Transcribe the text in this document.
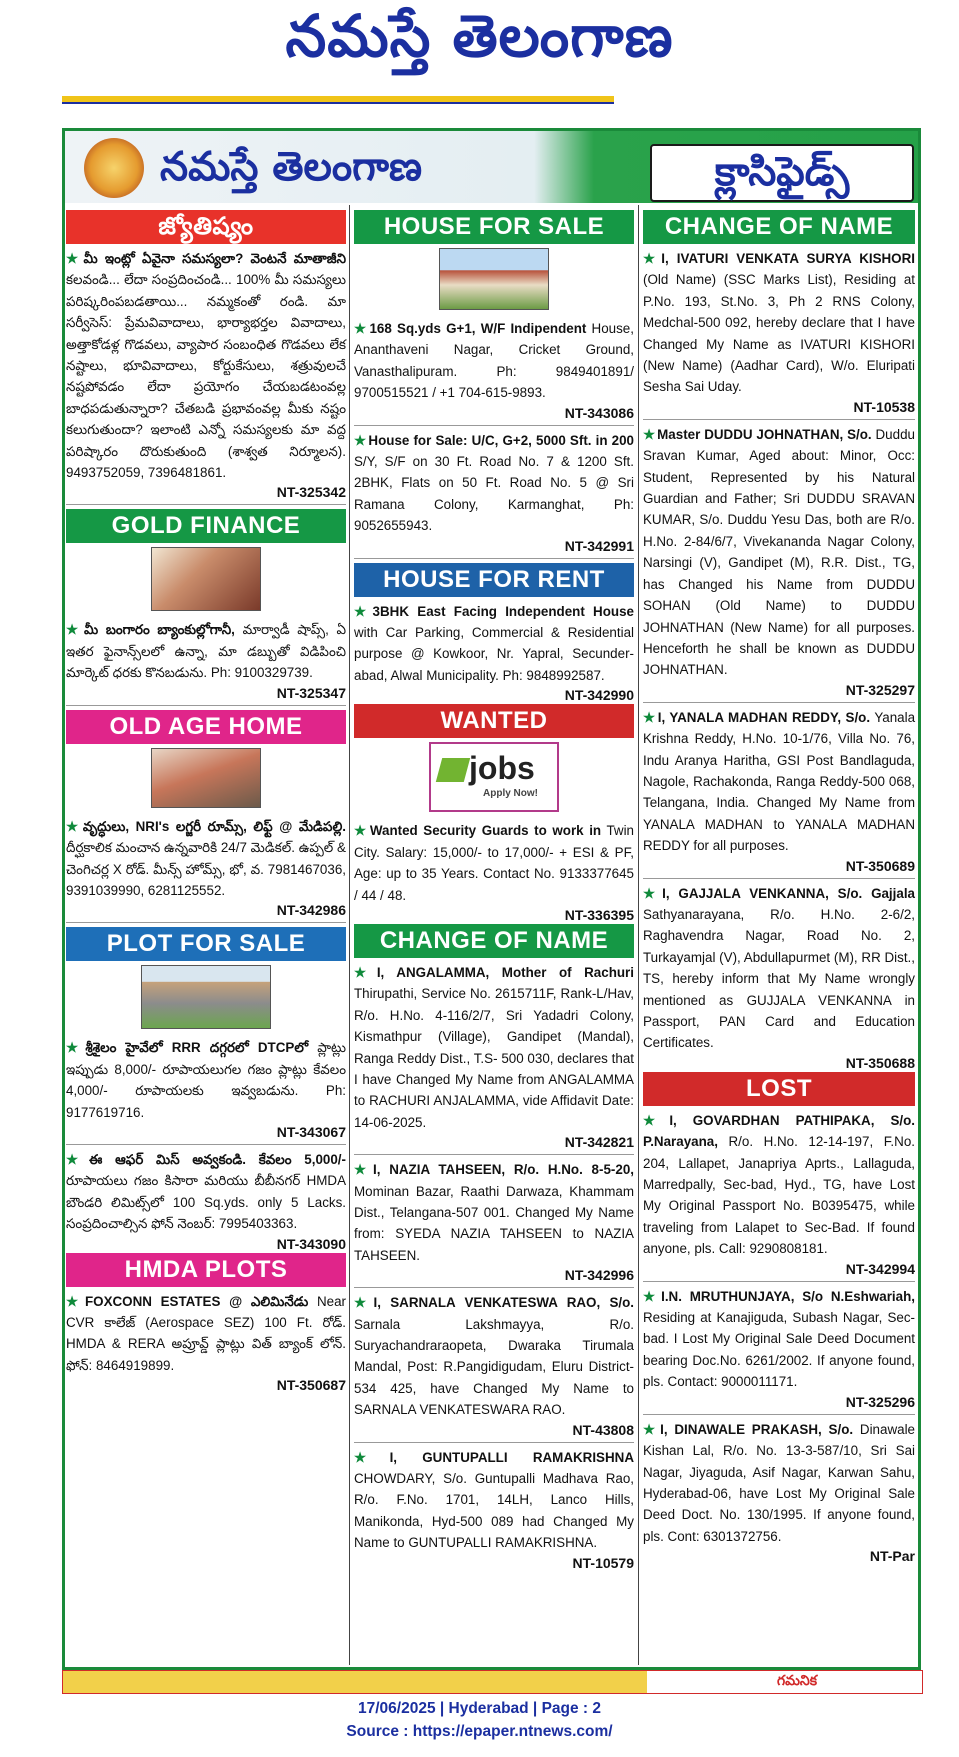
నమస్తే తెలంగాణ
నమస్తే తెలంగాణ	క్లాసిఫైడ్స్
జ్యోతిష్యం
★ మీ ఇంట్లో ఏవైనా సమస్యలా? వెంటనే మాతాజీని కలవండి... లేదా సంప్రదించండి... 100% మీ సమస్యలు పరిష్కరింపబడతాయి... నమ్మకంతో రండి. మా సర్వీసెస్: ప్రేమవివాదాలు, భార్యాభర్తల వివాదాలు, అత్తాకోడళ్ల గొడవలు, వ్యాపార సంబంధిత గొడవలు లేక నష్టాలు, భూవివాదాలు, కోర్టుకేసులు, శత్రువులచే నష్టపోవడం లేదా ప్రయోగం చేయబడటంవల్ల బాధపడుతున్నారా? చేతబడి ప్రభావంవల్ల మీకు నష్టం కలుగుతుందా? ఇలాంటి ఎన్నో సమస్యలకు మా వద్ద పరిష్కారం దొరుకుతుంది (శాశ్వత నిర్మూలన). 9493752059, 7396481861.
NT-325342
GOLD FINANCE
★ మీ బంగారం బ్యాంకుల్లోగానీ, మార్వాడీ షాప్స్, ఏ ఇతర ఫైనాన్స్‌లలో ఉన్నా, మా డబ్బుతో విడిపించి మార్కెట్ ధరకు కొనబడును. Ph: 9100329739.
NT-325347
OLD AGE HOME
★ వృద్ధులు, NRI's లగ్జరీ రూమ్స్, లిఫ్ట్ @ మేడిపల్లి. దీర్ఘకాలిక మంచాన ఉన్నవారికి 24/7 మెడికల్. ఉప్పల్ & చెంగిచర్ల X రోడ్. మీన్స్ హోమ్స్, భో, వ. 7981467036, 9391039990, 6281125552.
NT-342986
PLOT FOR SALE
★ శ్రీశైలం హైవేలో RRR దగ్గరలో DTCPలో ప్లాట్లు ఇప్పుడు 8,000/- రూపాయలుగల గజం ప్లాట్లు కేవలం 4,000/- రూపాయలకు ఇవ్వబడును. Ph: 9177619716.
NT-343067
★ ఈ ఆఫర్ మిస్ అవ్వకండి. కేవలం 5,000/- రూపాయలు గజం కిసారా మరియు బీబీనగర్ HMDA బౌండరి లిమిట్స్‌లో 100 Sq.yds. only 5 Lacks. సంప్రదించాల్సిన ఫోన్ నెంబర్: 7995403363.
NT-343090
HMDA PLOTS
★ FOXCONN ESTATES @ ఎలిమినేడు Near CVR కాలేజ్ (Aerospace SEZ) 100 Ft. రోడ్. HMDA & RERA అప్రూవ్డ్ ప్లాట్లు విత్ బ్యాంక్ లోన్. ఫోన్: 8464919899.
NT-350687
HOUSE FOR SALE
★ 168 Sq.yds G+1, W/F Indipendent House, Ananthaveni Nagar, Cricket Ground, Vanasthalipuram. Ph: 9849401891/ 9700515521 / +1 704-615-9893.
NT-343086
★ House for Sale: U/C, G+2, 5000 Sft. in 200 S/Y, S/F on 30 Ft. Road No. 7 & 1200 Sft. 2BHK, Flats on 50 Ft. Road No. 5 @ Sri Ramana Colony, Karmanghat, Ph: 9052655943.
NT-342991
HOUSE FOR RENT
★ 3BHK East Facing Independent House with Car Parking, Commercial & Residential purpose @ Kowkoor, Nr. Yapral, Secunder-abad, Alwal Municipality. Ph: 9848992587.
NT-342990
WANTED
jobs
Apply Now!
★ Wanted Security Guards to work in Twin City. Salary: 15,000/- to 17,000/- + ESI & PF, Age: up to 35 Years. Contact No. 9133377645 / 44 / 48.
NT-336395
CHANGE OF NAME
★ I, ANGALAMMA, Mother of Rachuri Thirupathi, Service No. 2615711F, Rank-L/Hav, R/o. H.No. 4-116/2/7, Sri Yadadri Colony, Kismathpur (Village), Gandipet (Mandal), Ranga Reddy Dist., T.S- 500 030, declares that I have Changed My Name from ANGALAMMA to RACHURI ANJALAMMA, vide Affidavit Date: 14-06-2025.
NT-342821
★ I, NAZIA TAHSEEN, R/o. H.No. 8-5-20, Mominan Bazar, Raathi Darwaza, Khammam Dist., Telangana-507 001. Changed My Name from: SYEDA NAZIA TAHSEEN to NAZIA TAHSEEN.
NT-342996
★ I, SARNALA VENKATESWA RAO, S/o. Sarnala Lakshmayya, R/o. Suryachandraraopeta, Dwaraka Tirumala Mandal, Post: R.Pangidigudam, Eluru District-534 425, have Changed My Name to SARNALA VENKATESWARA RAO.
NT-43808
★ I, GUNTUPALLI RAMAKRISHNA CHOWDARY, S/o. Guntupalli Madhava Rao, R/o. F.No. 1701, 14LH, Lanco Hills, Manikonda, Hyd-500 089 had Changed My Name to GUNTUPALLI RAMAKRISHNA.
NT-10579
CHANGE OF NAME
★ I, IVATURI VENKATA SURYA KISHORI (Old Name) (SSC Marks List), Residing at P.No. 193, St.No. 3, Ph 2 RNS Colony, Medchal-500 092, hereby declare that I have Changed My Name as IVATURI KISHORI (New Name) (Aadhar Card), W/o. Eluripati Sesha Sai Uday.
NT-10538
★ Master DUDDU JOHNATHAN, S/o. Duddu Sravan Kumar, Aged about: Minor, Occ: Student, Represented by his Natural Guardian and Father; Sri DUDDU SRAVAN KUMAR, S/o. Duddu Yesu Das, both are R/o. H.No. 2-84/6/7, Vivekananda Nagar Colony, Narsingi (V), Gandipet (M), R.R. Dist., TG, has Changed his Name from DUDDU SOHAN (Old Name) to DUDDU JOHNATHAN (New Name) for all purposes. Henceforth he shall be known as DUDDU JOHNATHAN.
NT-325297
★ I, YANALA MADHAN REDDY, S/o. Yanala Krishna Reddy, H.No. 10-1/76, Villa No. 76, Indu Aranya Haritha, GSI Post Bandlaguda, Nagole, Rachakonda, Ranga Reddy-500 068, Telangana, India. Changed My Name from YANALA MADHAN to YANALA MADHAN REDDY for all purposes.
NT-350689
★ I, GAJJALA VENKANNA, S/o. Gajjala Sathyanarayana, R/o. H.No. 2-6/2, Raghavendra Nagar, Road No. 2, Turkayamjal (V), Abdullapurmet (M), RR Dist., TS, hereby inform that My Name wrongly mentioned as GUJJALA VENKANNA in Passport, PAN Card and Education Certificates.
NT-350688
LOST
★ I, GOVARDHAN PATHIPAKA, S/o. P.Narayana, R/o. H.No. 12-14-197, F.No. 204, Lallapet, Janapriya Aprts., Lallaguda, Marredpally, Sec-bad, Hyd., TG, have Lost My Original Passport No. B0395475, while traveling from Lalapet to Sec-Bad. If found anyone, pls. Call: 9290808181.
NT-342994
★ I.N. MRUTHUNJAYA, S/o N.Eshwariah, Residing at Kanajiguda, Subash Nagar, Sec-bad. I Lost My Original Sale Deed Document bearing Doc.No. 6261/2002. If anyone found, pls. Contact: 9000011171.
NT-325296
★ I, DINAWALE PRAKASH, S/o. Dinawale Kishan Lal, R/o. No. 13-3-587/10, Sri Sai Nagar, Jiyaguda, Asif Nagar, Karwan Sahu, Hyderabad-06, have Lost My Original Sale Deed Doct. No. 130/1995. If anyone found, pls. Cont: 6301372756.
NT-Par
గమనిక
17/06/2025 | Hyderabad | Page : 2
Source : https://epaper.ntnews.com/
